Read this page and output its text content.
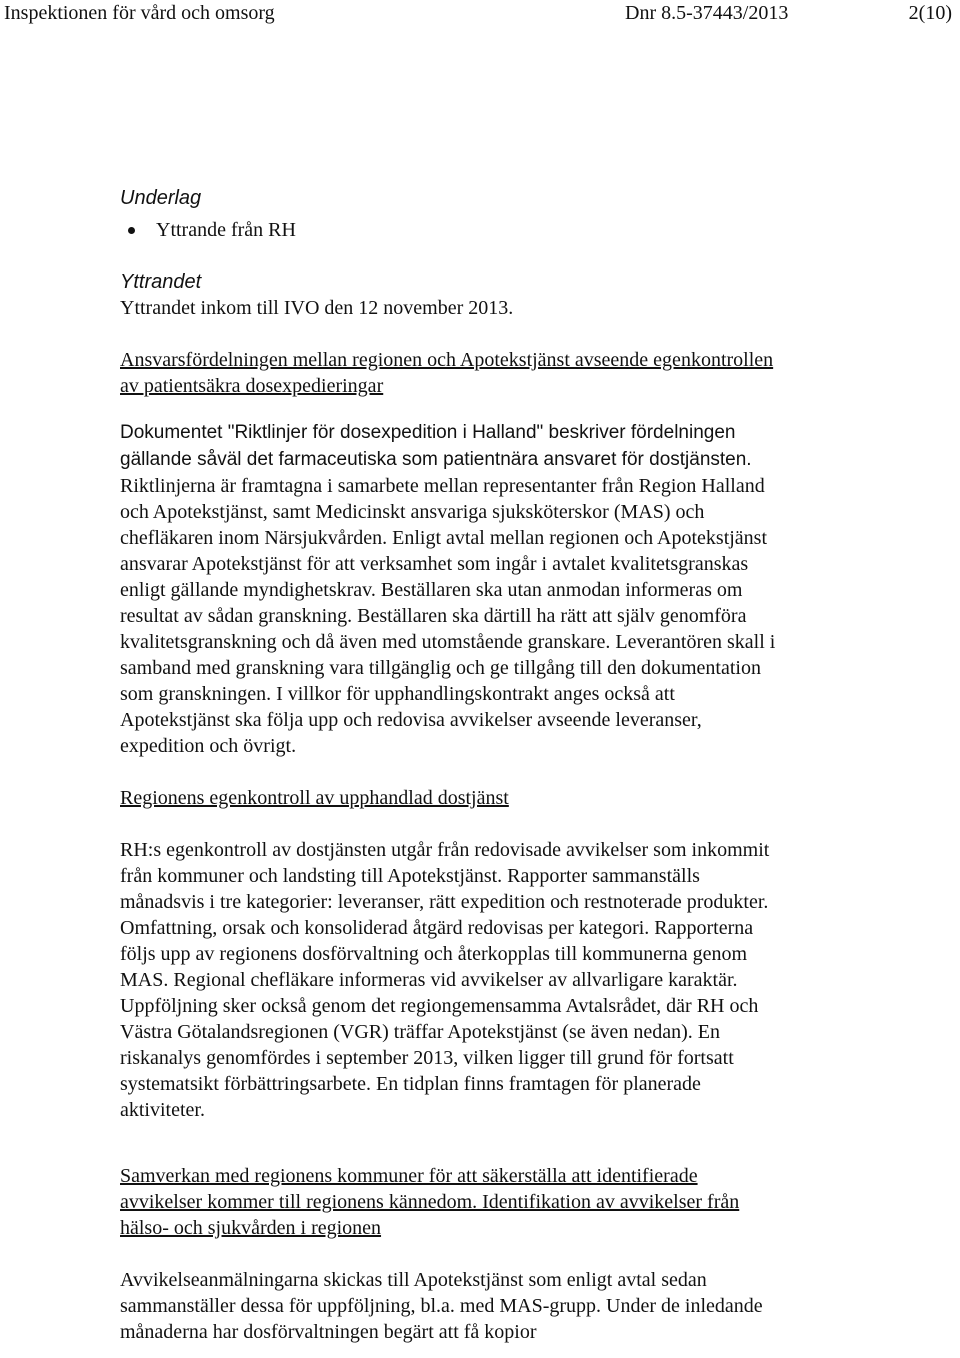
Inspektionen för vård och omsorg	Dnr 8.5-37443/2013	2(10)

Underlag

Yttrande från RH

Yttrandet

Yttrandet inkom till IVO den 12 november 2013.

Ansvarsfördelningen mellan regionen och Apotekstjänst avseende egenkontrollen av patientsäkra dosexpedieringar

Dokumentet "Riktlinjer för dosexpedition i Halland" beskriver fördelningen gällande såväl det farmaceutiska som patientnära ansvaret för dostjänsten. Riktlinjerna är framtagna i samarbete mellan representanter från Region Halland och Apotekstjänst, samt Medicinskt ansvariga sjuksköterskor (MAS) och chefläkaren inom Närsjukvården. Enligt avtal mellan regionen och Apotekstjänst ansvarar Apotekstjänst för att verksamhet som ingår i avtalet kvalitetsgranskas enligt gällande myndighetskrav. Beställaren ska utan anmodan informeras om resultat av sådan granskning. Beställaren ska därtill ha rätt att själv genomföra kvalitetsgranskning och då även med utomstående granskare. Leverantören skall i samband med granskning vara tillgänglig och ge tillgång till den dokumentation som granskningen. I villkor för upphandlingskontrakt anges också att Apotekstjänst ska följa upp och redovisa avvikelser avseende leveranser, expedition och övrigt.

Regionens egenkontroll av upphandlad dostjänst

RH:s egenkontroll av dostjänsten utgår från redovisade avvikelser som inkommit från kommuner och landsting till Apotekstjänst. Rapporter sammanställs månadsvis i tre kategorier: leveranser, rätt expedition och restnoterade produkter. Omfattning, orsak och konsoliderad åtgärd redovisas per kategori. Rapporterna följs upp av regionens dosförvaltning och återkopplas till kommunerna genom MAS. Regional chefläkare informeras vid avvikelser av allvarligare karaktär. Uppföljning sker också genom det regiongemensamma Avtalsrådet, där RH och Västra Götalandsregionen (VGR) träffar Apotekstjänst (se även nedan). En riskanalys genomfördes i september 2013, vilken ligger till grund för fortsatt systematsikt förbättringsarbete. En tidplan finns framtagen för planerade aktiviteter.

Samverkan med regionens kommuner för att säkerställa att identifierade avvikelser kommer till regionens kännedom. Identifikation av avvikelser från hälso- och sjukvården i regionen

Avvikelseanmälningarna skickas till Apotekstjänst som enligt avtal sedan sammanställer dessa för uppföljning, bl.a. med MAS-grupp. Under de inledande månaderna har dosförvaltningen begärt att få kopior
